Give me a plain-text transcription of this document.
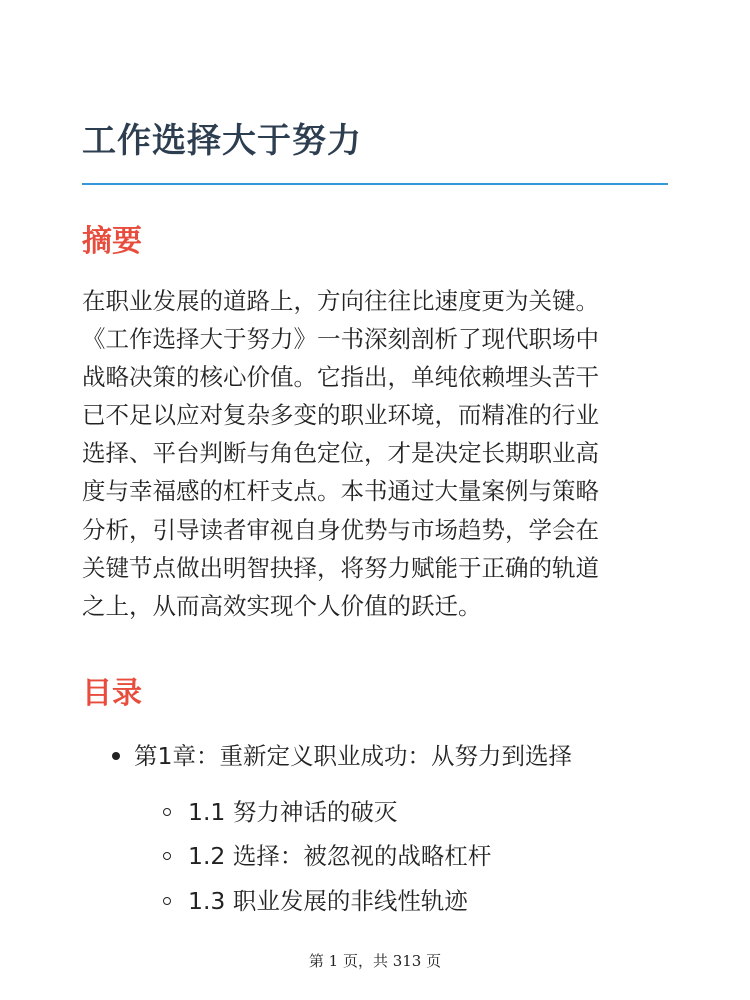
工作选择大于努力
摘要

在职业发展的道路上，方向往往比速度更为关键。
《工作选择大于努力》一书深刻剖析了现代职场中
战略决策的核心价值。它指出，单纯依赖埋头苦干
已不足以应对复杂多变的职业环境，而精准的行业
选择、平台判断与角色定位，才是决定长期职业高
度与幸福感的杠杆支点。本书通过大量案例与策略
分析，引导读者审视自身优势与市场趋势，学会在
关键节点做出明智抉择，将努力赋能于正确的轨道
之上，从而高效实现个人价值的跃迁。

目录
第1章：重新定义职业成功：从努力到选择
1.1 努力神话的破灭
1.2 选择：被忽视的战略杠杆
1.3 职业发展的非线性轨迹
第 1 页，共 313 页
